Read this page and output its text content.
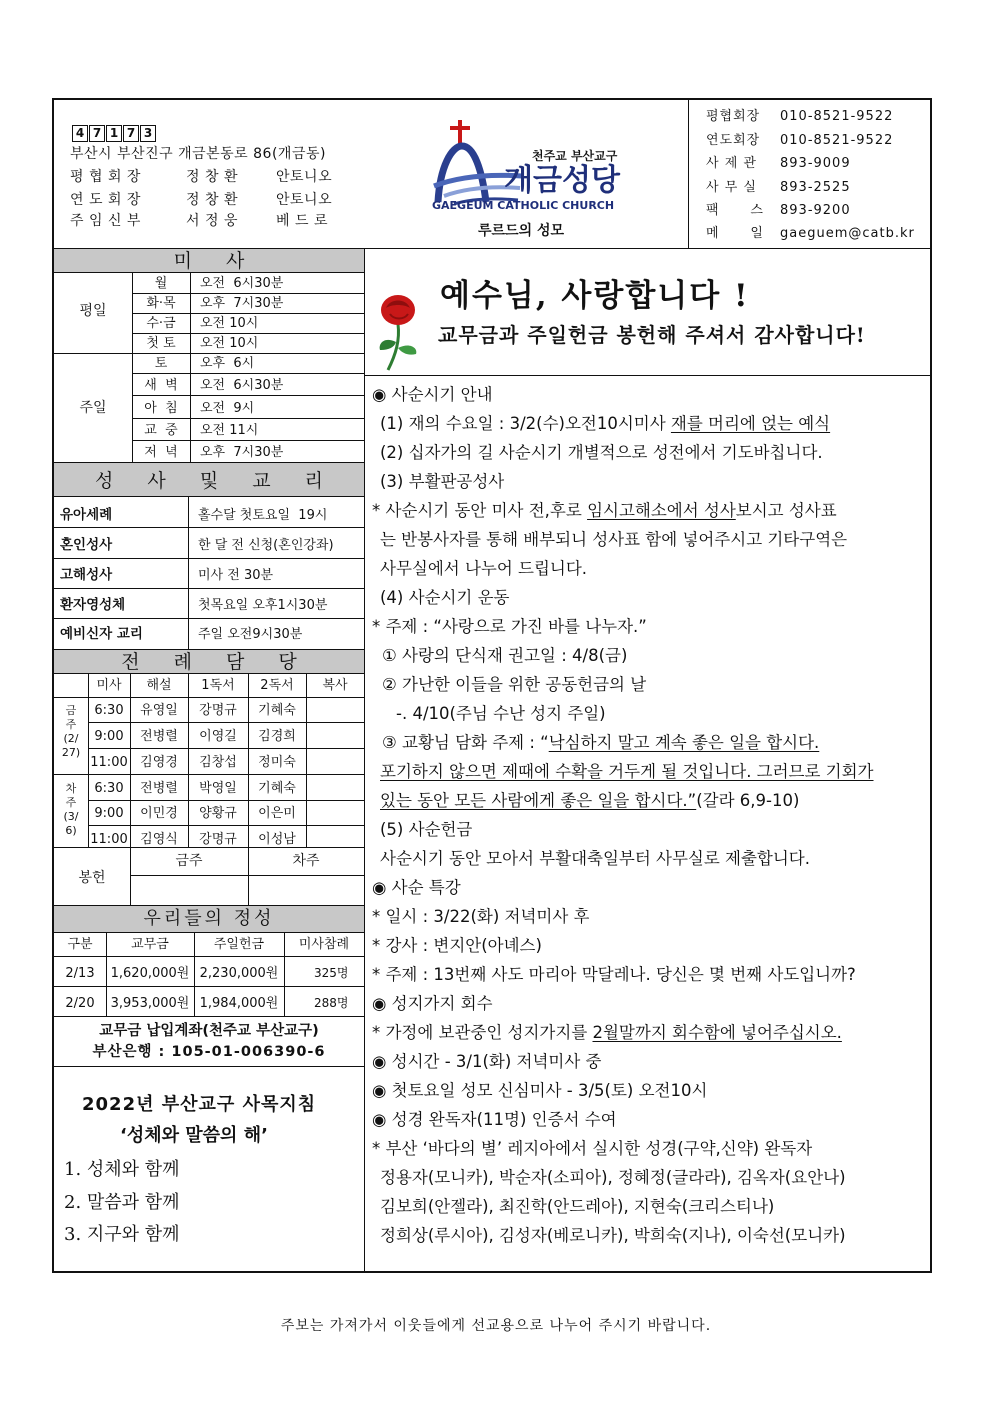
4 7 1 7 3
부산시 부산진구 개금본동로 86(개금동)
평 협 회 장	정 창 환	안토니오
연 도 회 장	정 창 환	안토니오
주 임 신 부	서 정 웅	베 드 로
천주교 부산교구
개금성당
GAEGEUM CATHOLIC CHURCH
루르드의 성모
평협회장 010-8521-9522
연도회장 010-8521-9522
사 제 관 893-9009
사 무 실 893-2525
팩      스 893-9200
메      일 gaeguem@catb.kr
미 사
평일
월	오전  6시30분
화·목	오후  7시30분
수·금	오전 10시
첫 토	오전 10시
주일
토	오후  6시
새  벽	오전  6시30분
아  침	오전  9시
교  중	오전 11시
저  녁	오후  7시30분
성 사 및 교 리
유아세례	홀수달 첫토요일  19시
혼인성사	한 달 전 신청(혼인강좌)
고해성사	미사 전 30분
환자영성체	첫목요일 오후1시30분
예비신자 교리	주일 오전9시30분
전 례 담 당
미사	해설	1독서	2독서	복사
금
주
(2/
27)
6:30	유영일	강명규	기혜숙
9:00	전병렬	이영길	김경희
11:00 김영경	김창섭	정미숙
차
주
(3/
6)
6:30	전병렬	박영일	기혜숙
9:00	이민경	양황규	이은미
11:00 김영식	강명규	이성남
봉헌
금주	차주
우리들의 정성
구분	교무금	주일헌금	미사참례
2/13	1,620,000원 2,230,000원	325명
2/20	3,953,000원 1,984,000원	288명
교무금 납입계좌(천주교 부산교구)
부산은행 : 105-01-006390-6
2022년 부산교구 사목지침
‘성체와 말씀의 해’
1. 성체와 함께
2. 말씀과 함께
3. 지구와 함께
예수님, 사랑합니다 !
교무금과 주일헌금 봉헌해 주셔서 감사합니다!
◉ 사순시기 안내
(1) 재의 수요일 : 3/2(수)오전10시미사 재를 머리에 얹는 예식
(2) 십자가의 길 사순시기 개별적으로 성전에서 기도바칩니다.
(3) 부활판공성사
* 사순시기 동안 미사 전,후로 임시고해소에서 성사보시고 성사표
는 반봉사자를 통해 배부되니 성사표 함에 넣어주시고 기타구역은
사무실에서 나누어 드립니다.
(4) 사순시기 운동
* 주제 : “사랑으로 가진 바를 나누자.”
① 사랑의 단식재 권고일 : 4/8(금)
② 가난한 이들을 위한 공동헌금의 날
-. 4/10(주님 수난 성지 주일)
③ 교황님 담화 주제 : “낙심하지 말고 계속 좋은 일을 합시다.
포기하지 않으면 제때에 수확을 거두게 될 것입니다. 그러므로 기회가
있는 동안 모든 사람에게 좋은 일을 합시다.”(갈라 6,9-10)
(5) 사순헌금
사순시기 동안 모아서 부활대축일부터 사무실로 제출합니다.
◉ 사순 특강
* 일시 : 3/22(화) 저녁미사 후
* 강사 : 변지안(아녜스)
* 주제 : 13번째 사도 마리아 막달레나. 당신은 몇 번째 사도입니까?
◉ 성지가지 회수
* 가정에 보관중인 성지가지를 2월말까지 회수함에 넣어주십시오.
◉ 성시간 - 3/1(화) 저녁미사 중
◉ 첫토요일 성모 신심미사 - 3/5(토) 오전10시
◉ 성경 완독자(11명) 인증서 수여
* 부산 ‘바다의 별’ 레지아에서 실시한 성경(구약,신약) 완독자
정용자(모니카), 박순자(소피아), 정혜정(글라라), 김옥자(요안나)
김보희(안젤라), 최진학(안드레아), 지현숙(크리스티나)
정희상(루시아), 김성자(베로니카), 박희숙(지나), 이숙선(모니카)
주보는 가져가서 이웃들에게 선교용으로 나누어 주시기 바랍니다.
